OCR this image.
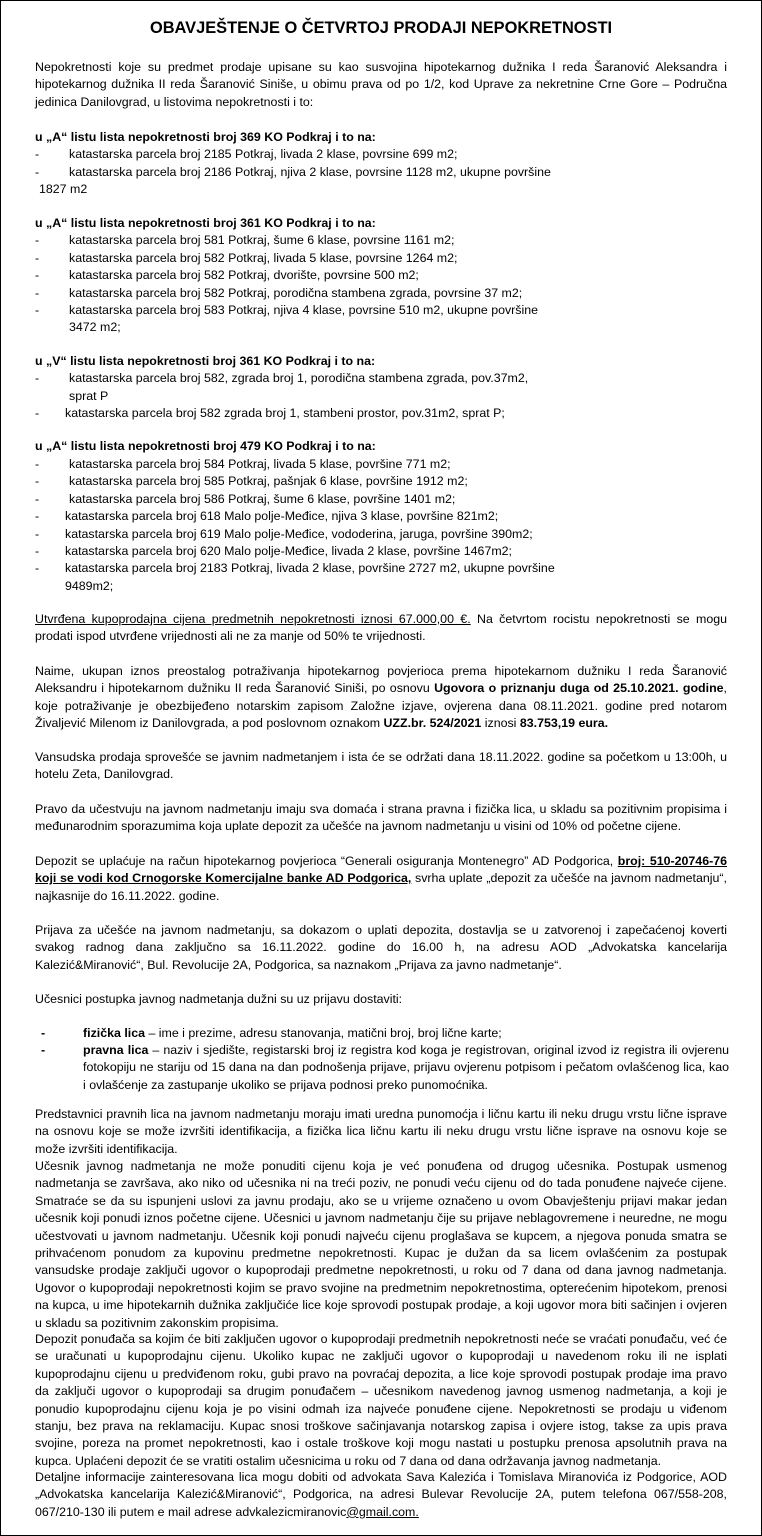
OBAVJEŠTENJE O ČETVRTOJ PRODAJI NEPOKRETNOSTI

Nepokretnosti koje su predmet prodaje upisane su kao susvojina hipotekarnog dužnika I reda Šaranović Aleksandra i hipotekarnog dužnika II reda Šaranović Siniše, u obimu prava od po 1/2, kod Uprave za nekretnine Crne Gore – Područna jedinica Danilovgrad, u listovima nepokretnosti i to:

u „A“ listu lista nepokretnosti broj 369 KO Podkraj i to na:
- katastarska parcela broj 2185 Potkraj, livada 2 klase, povrsine 699 m2;
- katastarska parcela broj 2186 Potkraj, njiva 2 klase, povrsine 1128 m2, ukupne površine
1827 m2
u „A“ listu lista nepokretnosti broj 361 KO Podkraj i to na:
- katastarska parcela broj 581 Potkraj, šume 6 klase, povrsine 1161 m2;
- katastarska parcela broj 582 Potkraj, livada 5 klase, povrsine 1264 m2;
- katastarska parcela broj 582 Potkraj, dvorište, povrsine 500 m2;
- katastarska parcela broj 582 Potkraj, porodična stambena zgrada, povrsine 37 m2;
- katastarska parcela broj 583 Potkraj, njiva 4 klase, povrsine 510 m2, ukupne površine
3472 m2;
u „V“ listu lista nepokretnosti broj 361 KO Podkraj i to na:
- katastarska parcela broj 582, zgrada broj 1, porodična stambena zgrada, pov.37m2,
sprat P
- katastarska parcela broj 582 zgrada broj 1, stambeni prostor, pov.31m2, sprat P;
u „A“ listu lista nepokretnosti broj 479 KO Podkraj i to na:
- katastarska parcela broj 584 Potkraj, livada 5 klase, površine 771 m2;
- katastarska parcela broj 585 Potkraj, pašnjak 6 klase, površine 1912 m2;
- katastarska parcela broj 586 Potkraj, šume 6 klase, površine 1401 m2;
- katastarska parcela broj 618 Malo polje-Međice, njiva 3 klase, površine 821m2;
- katastarska parcela broj 619 Malo polje-Međice, vododerina, jaruga, površine 390m2;
- katastarska parcela broj 620 Malo polje-Međice, livada 2 klase, površine 1467m2;
- katastarska parcela broj 2183 Potkraj, livada 2 klase, površine 2727 m2, ukupne površine
9489m2;

Utvrđena kupoprodajna cijena predmetnih nepokretnosti iznosi 67.000,00 €. Na četvrtom rocistu nepokretnosti se mogu prodati ispod utvrđene vrijednosti ali ne za manje od 50% te vrijednosti.

Naime, ukupan iznos preostalog potraživanja hipotekarnog povjerioca prema hipotekarnom dužniku I reda Šaranović Aleksandru i hipotekarnom dužniku II reda Šaranović Siniši, po osnovu Ugovora o priznanju duga od 25.10.2021. godine, koje potraživanje je obezbijeđeno notarskim zapisom Založne izjave, ovjerena dana 08.11.2021. godine pred notarom Živaljević Milenom iz Danilovgrada, a pod poslovnom oznakom UZZ.br. 524/2021 iznosi 83.753,19 eura.

Vansudska prodaja sprovešće se javnim nadmetanjem i ista će se održati dana 18.11.2022. godine sa početkom u 13:00h, u hotelu Zeta, Danilovgrad.

Pravo da učestvuju na javnom nadmetanju imaju sva domaća i strana pravna i fizička lica, u skladu sa pozitivnim propisima i međunarodnim sporazumima koja uplate depozit za učešće na javnom nadmetanju u visini od 10% od početne cijene.

Depozit se uplaćuje na račun hipotekarnog povjerioca “Generali osiguranja Montenegro” AD Podgorica, broj: 510-20746-76 koji se vodi kod Crnogorske Komercijalne banke AD Podgorica, svrha uplate „depozit za učešće na javnom nadmetanju“, najkasnije do 16.11.2022. godine.

Prijava za učešće na javnom nadmetanju, sa dokazom o uplati depozita, dostavlja se u zatvorenoj i zapečaćenoj koverti svakog radnog dana zaključno sa 16.11.2022. godine do 16.00 h, na adresu AOD „Advokatska kancelarija Kalezić&Miranović“, Bul. Revolucije 2A, Podgorica, sa naznakom „Prijava za javno nadmetanje“.

Učesnici postupka javnog nadmetanja dužni su uz prijavu dostaviti:

-	fizička lica – ime i prezime, adresu stanovanja, matični broj, broj lične karte;

-	pravna lica – naziv i sjedište, registarski broj iz registra kod koga je registrovan, original izvod iz registra ili ovjerenu fotokopiju ne stariju od 15 dana na dan podnošenja prijave, prijavu ovjerenu potpisom i pečatom ovlašćenog lica, kao i ovlašćenje za zastupanje ukoliko se prijava podnosi preko punomoćnika.

Predstavnici pravnih lica na javnom nadmetanju moraju imati uredna punomoćja i ličnu kartu ili neku drugu vrstu lične isprave na osnovu koje se može izvršiti identifikacija, a fizička lica ličnu kartu ili neku drugu vrstu lične isprave na osnovu koje se može izvršiti identifikacija.

Učesnik javnog nadmetanja ne može ponuditi cijenu koja je već ponuđena od drugog učesnika. Postupak usmenog nadmetanja se završava, ako niko od učesnika ni na treći poziv, ne ponudi veću cijenu od do tada ponuđene najveće cijene. Smatraće se da su ispunjeni uslovi za javnu prodaju, ako se u vrijeme označeno u ovom Obavještenju prijavi makar jedan učesnik koji ponudi iznos početne cijene. Učesnici u javnom nadmetanju čije su prijave neblagovremene i neuredne, ne mogu učestvovati u javnom nadmetanju. Učesnik koji ponudi najveću cijenu proglašava se kupcem, a njegova ponuda smatra se prihvaćenom ponudom za kupovinu predmetne nepokretnosti. Kupac je dužan da sa licem ovlašćenim za postupak vansudske prodaje zaključi ugovor o kupoprodaji predmetne nepokretnosti, u roku od 7 dana od dana javnog nadmetanja. Ugovor o kupoprodaji nepokretnosti kojim se pravo svojine na predmetnim nepokretnostima, opterećenim hipotekom, prenosi na kupca, u ime hipotekarnih dužnika zaključiće lice koje sprovodi postupak prodaje, a koji ugovor mora biti sačinjen i ovjeren u skladu sa pozitivnim zakonskim propisima.

Depozit ponuđača sa kojim će biti zaključen ugovor o kupoprodaji predmetnih nepokretnosti neće se vraćati ponuđaču, već će se uračunati u kupoprodajnu cijenu. Ukoliko kupac ne zaključi ugovor o kupoprodaji u navedenom roku ili ne isplati kupoprodajnu cijenu u predviđenom roku, gubi pravo na povraćaj depozita, a lice koje sprovodi postupak prodaje ima pravo da zaključi ugovor o kupoprodaji sa drugim ponuđačem – učesnikom navedenog javnog usmenog nadmetanja, a koji je ponudio kupoprodajnu cijenu koja je po visini odmah iza najveće ponuđene cijene. Nepokretnosti se prodaju u viđenom stanju, bez prava na reklamaciju. Kupac snosi troškove sačinjavanja notarskog zapisa i ovjere istog, takse za upis prava svojine, poreza na promet nepokretnosti, kao i ostale troškove koji mogu nastati u postupku prenosa apsolutnih prava na kupca. Uplaćeni depozit će se vratiti ostalim učesnicima u roku od 7 dana od dana održavanja javnog nadmetanja.

Detaljne informacije zainteresovana lica mogu dobiti od advokata Sava Kalezića i Tomislava Miranovića iz Podgorice, AOD „Advokatska kancelarija Kalezić&Miranović“, Podgorica, na adresi Bulevar Revolucije 2A, putem telefona 067/558-208, 067/210-130 ili putem e mail adrese advkalezicmiranovic@gmail.com.
